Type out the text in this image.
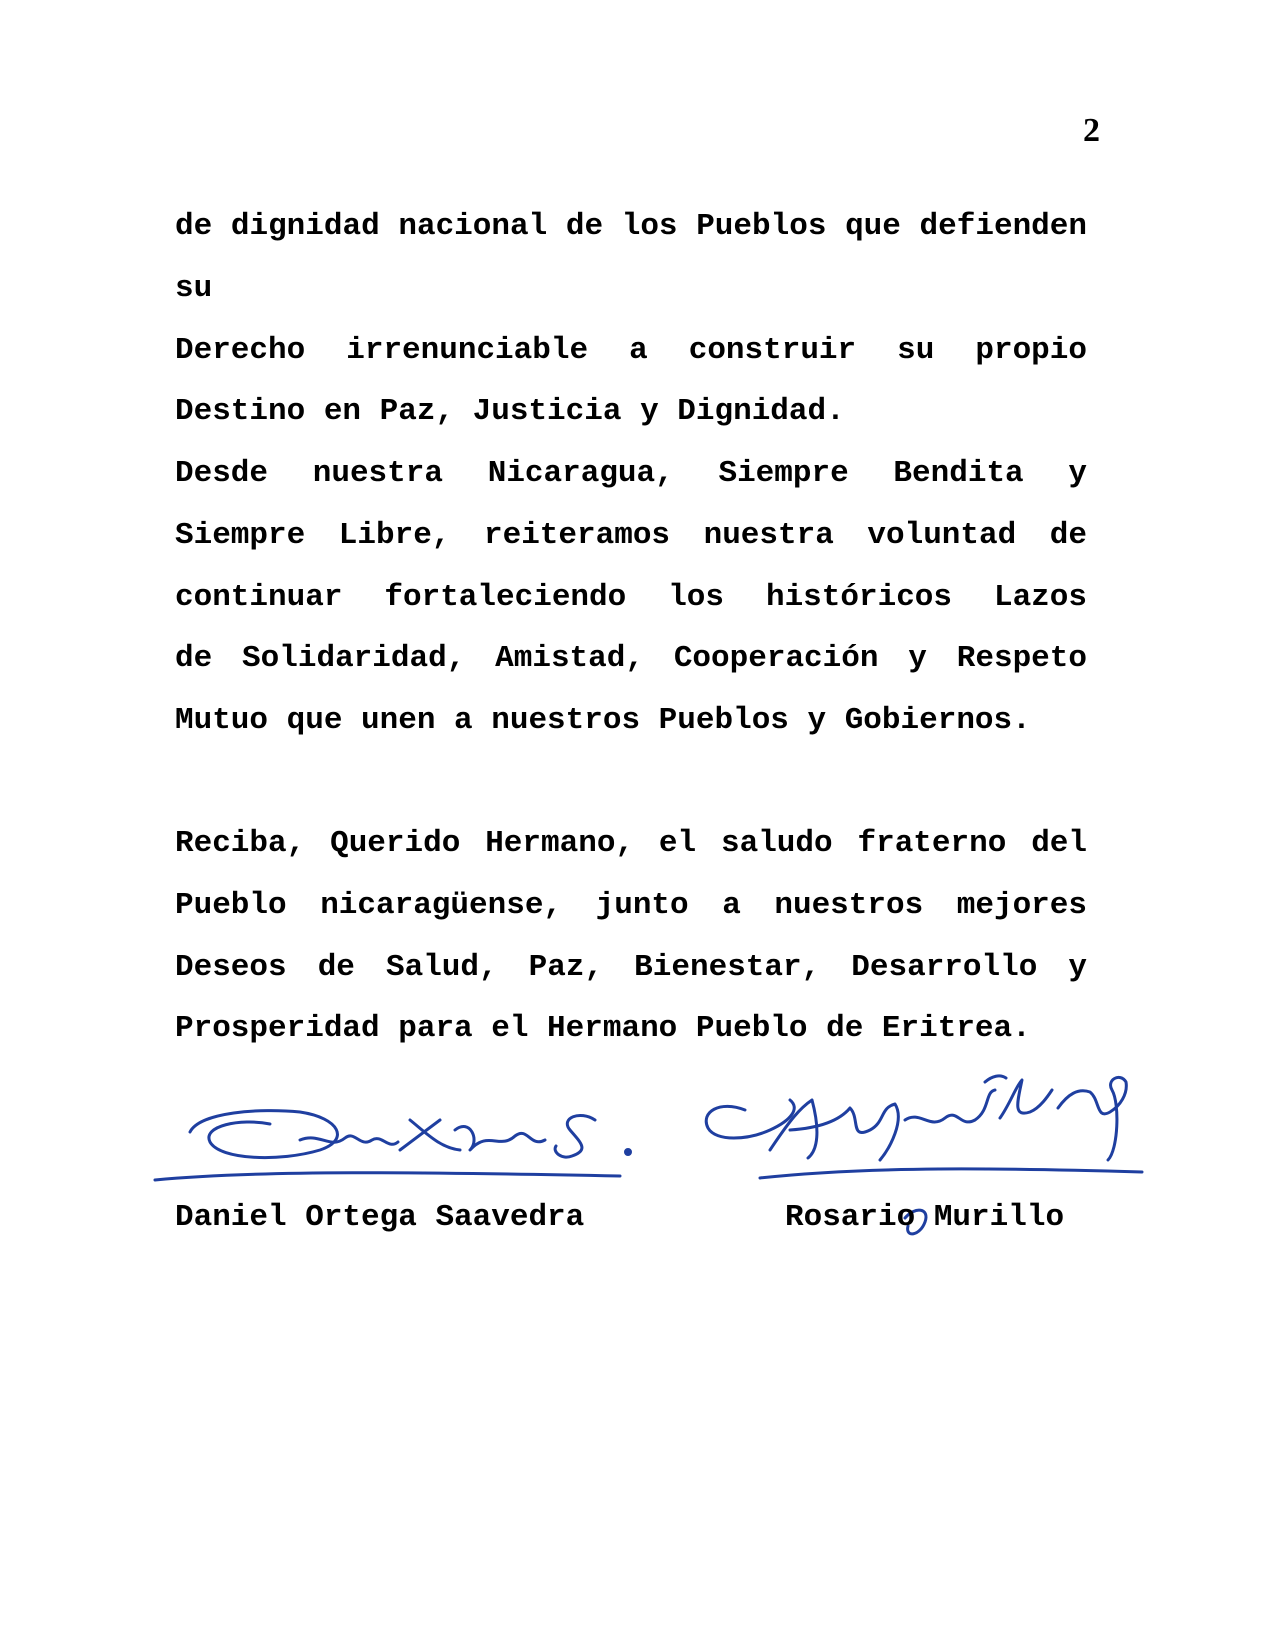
2
de dignidad nacional de los Pueblos que defienden su
Derecho irrenunciable a construir su propio
Destino en Paz, Justicia y Dignidad.
Desde nuestra Nicaragua, Siempre Bendita y
Siempre Libre, reiteramos nuestra voluntad de
continuar fortaleciendo los históricos Lazos
de Solidaridad, Amistad, Cooperación y Respeto
Mutuo que unen a nuestros Pueblos y Gobiernos.
Reciba, Querido Hermano, el saludo fraterno del
Pueblo nicaragüense, junto a nuestros mejores
Deseos de Salud, Paz, Bienestar, Desarrollo y
Prosperidad para el Hermano Pueblo de Eritrea.
Daniel Ortega Saavedra	Rosario Murillo
